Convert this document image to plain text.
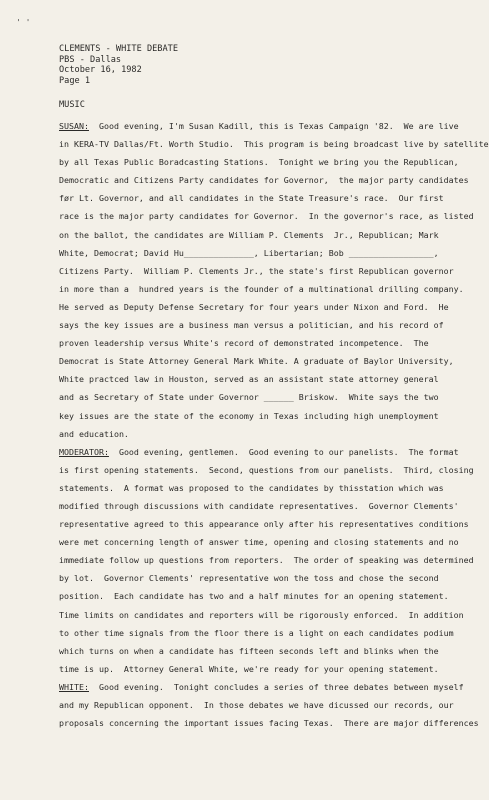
' '
CLEMENTS - WHITE DEBATE
PBS - Dallas
October 16, 1982
Page 1
MUSIC
SUSAN:  Good evening, I'm Susan Kadill, this is Texas Campaign '82.  We are live
in KERA-TV Dallas/Ft. Worth Studio.  This program is being broadcast live by satellite
by all Texas Public Boradcasting Stations.  Tonight we bring you the Republican,
Democratic and Citizens Party candidates for Governor,  the major party candidates
før Lt. Governor, and all candidates in the State Treasure's race.  Our first
race is the major party candidates for Governor.  In the governor's race, as listed
on the ballot, the candidates are William P. Clements  Jr., Republican; Mark
White, Democrat; David Hu______________, Libertarian; Bob _________________,
Citizens Party.  William P. Clements Jr., the state's first Republican governor
in more than a  hundred years is the founder of a multinational drilling company.
He served as Deputy Defense Secretary for four years under Nixon and Ford.  He
says the key issues are a business man versus a politician, and his record of
proven leadership versus White's record of demonstrated incompetence.  The
Democrat is State Attorney General Mark White. A graduate of Baylor University,
White practced law in Houston, served as an assistant state attorney general
and as Secretary of State under Governor ______ Briskow.  White says the two
key issues are the state of the economy in Texas including high unemployment
and education.
MODERATOR:  Good evening, gentlemen.  Good evening to our panelists.  The format
is first opening statements.  Second, questions from our panelists.  Third, closing
statements.  A format was proposed to the candidates by thisstation which was
modified through discussions with candidate representatives.  Governor Clements'
representative agreed to this appearance only after his representatives conditions
were met concerning length of answer time, opening and closing statements and no
immediate follow up questions from reporters.  The order of speaking was determined
by lot.  Governor Clements' representative won the toss and chose the second
position.  Each candidate has two and a half minutes for an opening statement.
Time limits on candidates and reporters will be rigorously enforced.  In addition
to other time signals from the floor there is a light on each candidates podium
which turns on when a candidate has fifteen seconds left and blinks when the
time is up.  Attorney General White, we're ready for your opening statement.
WHITE:  Good evening.  Tonight concludes a series of three debates between myself
and my Republican opponent.  In those debates we have dicussed our records, our
proposals concerning the important issues facing Texas.  There are major differences
